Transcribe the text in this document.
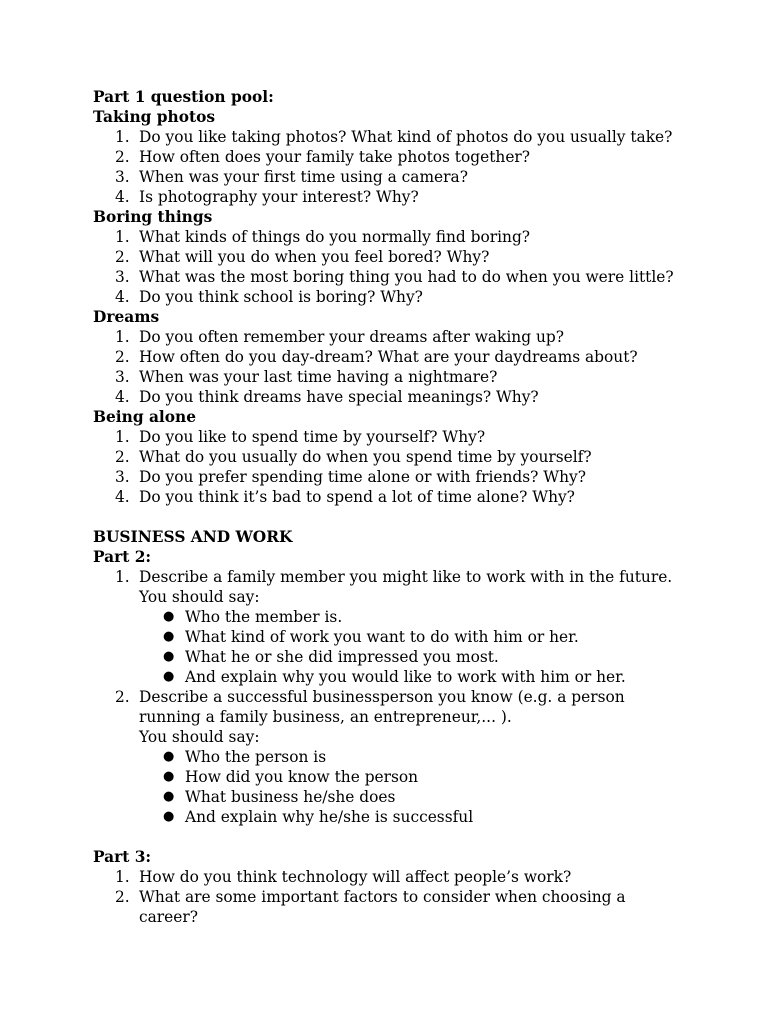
Part 1 question pool:
Taking photos
1. Do you like taking photos? What kind of photos do you usually take?
2. How often does your family take photos together?
3. When was your first time using a camera?
4. Is photography your interest? Why?
Boring things
1. What kinds of things do you normally find boring?
2. What will you do when you feel bored? Why?
3. What was the most boring thing you had to do when you were little?
4. Do you think school is boring? Why?
Dreams
1. Do you often remember your dreams after waking up?
2. How often do you day-dream? What are your daydreams about?
3. When was your last time having a nightmare?
4. Do you think dreams have special meanings? Why?
Being alone
1. Do you like to spend time by yourself? Why?
2. What do you usually do when you spend time by yourself?
3. Do you prefer spending time alone or with friends? Why?
4. Do you think it’s bad to spend a lot of time alone? Why?
BUSINESS AND WORK
Part 2:
1. Describe a family member you might like to work with in the future.
You should say:
● Who the member is.
● What kind of work you want to do with him or her.
● What he or she did impressed you most.
● And explain why you would like to work with him or her.
2. Describe a successful businessperson you know (e.g. a person
running a family business, an entrepreneur,... ).
You should say:
● Who the person is
● How did you know the person
● What business he/she does
● And explain why he/she is successful
Part 3:
1. How do you think technology will affect people’s work?
2. What are some important factors to consider when choosing a
career?
